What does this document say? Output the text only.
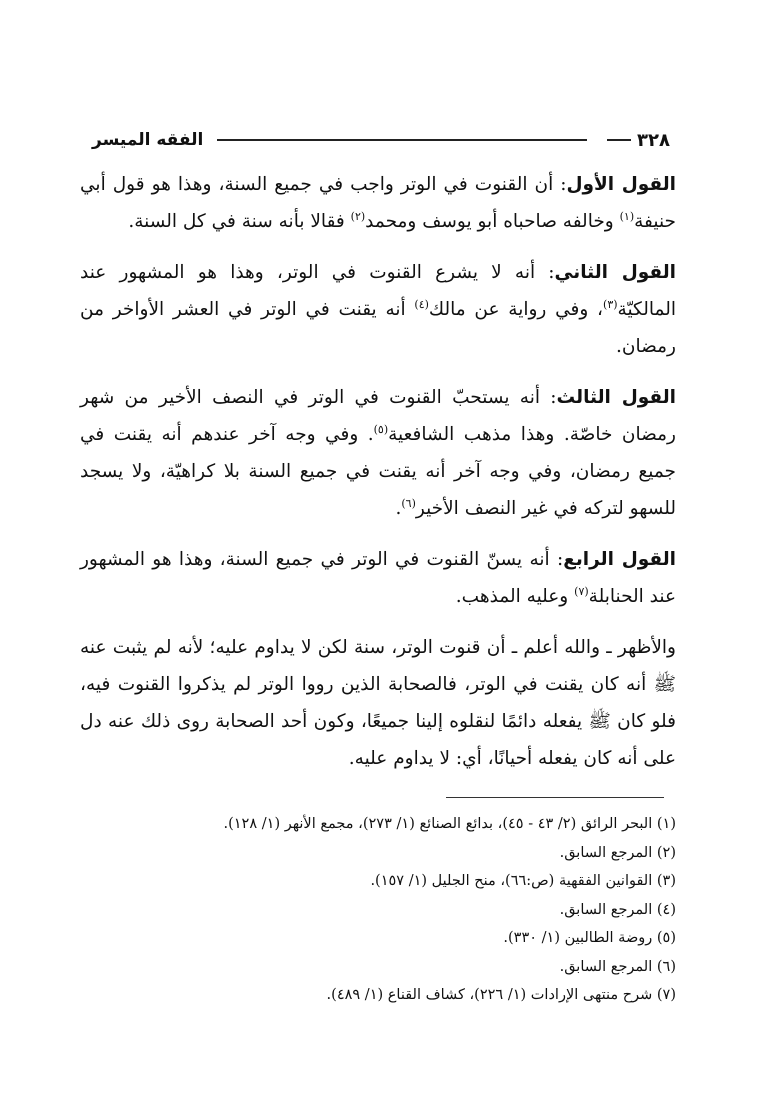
٣٢٨
الفقه الميسر

القول الأول: أن القنوت في الوتر واجب في جميع السنة، وهذا هو قول أبي حنيفة$^{(١)}$ وخالفه صاحباه أبو يوسف ومحمد$^{(٢)}$ فقالا بأنه سنة في كل السنة.

القول الثاني: أنه لا يشرع القنوت في الوتر، وهذا هو المشهور عند المالكيّة$^{(٣)}$، وفي رواية عن مالك$^{(٤)}$ أنه يقنت في الوتر في العشر الأواخر من رمضان.

القول الثالث: أنه يستحبّ القنوت في الوتر في النصف الأخير من شهر رمضان خاصّة. وهذا مذهب الشافعية$^{(٥)}$. وفي وجه آخر عندهم أنه يقنت في جميع رمضان، وفي وجه آخر أنه يقنت في جميع السنة بلا كراهيّة، ولا يسجد للسهو لتركه في غير النصف الأخير$^{(٦)}$.

القول الرابع: أنه يسنّ القنوت في الوتر في جميع السنة، وهذا هو المشهور عند الحنابلة$^{(٧)}$ وعليه المذهب.

والأظهر ـ والله أعلم ـ أن قنوت الوتر، سنة لكن لا يداوم عليه؛ لأنه لم يثبت عنه ﷺ أنه كان يقنت في الوتر، فالصحابة الذين رووا الوتر لم يذكروا القنوت فيه، فلو كان ﷺ يفعله دائمًا لنقلوه إلينا جميعًا، وكون أحد الصحابة روى ذلك عنه دل على أنه كان يفعله أحيانًا، أي: لا يداوم عليه.

(١) البحر الرائق (٢/ ٤٣ - ٤٥)، بدائع الصنائع (١/ ٢٧٣)، مجمع الأنهر (١/ ١٢٨).
(٢) المرجع السابق.
(٣) القوانين الفقهية (ص:٦٦)، منح الجليل (١/ ١٥٧).
(٤) المرجع السابق.
(٥) روضة الطالبين (١/ ٣٣٠).
(٦) المرجع السابق.
(٧) شرح منتهى الإرادات (١/ ٢٢٦)، كشاف القناع (١/ ٤٨٩).
